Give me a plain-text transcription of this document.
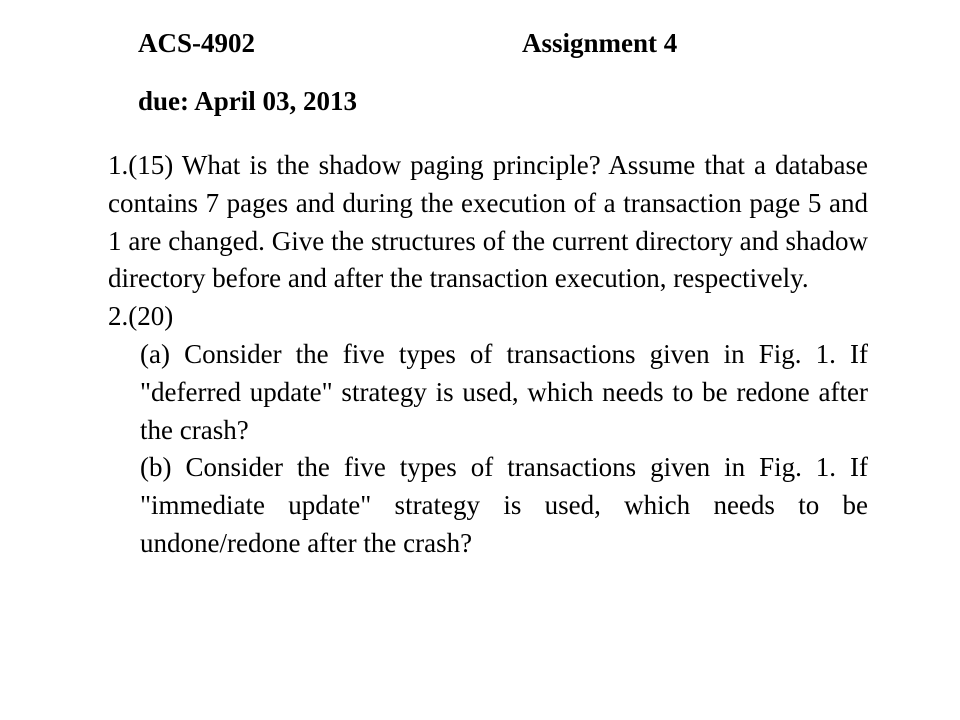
ACS-4902	Assignment 4
due: April 03, 2013

1.(15) What is the shadow paging principle? Assume that a database contains 7 pages and during the execution of a transaction page 5 and 1 are changed. Give the structures of the current directory and shadow directory before and after the transaction execution, respectively.

2.(20)

(a) Consider the five types of transactions given in Fig. 1. If "deferred update" strategy is used, which needs to be redone after the crash?

(b) Consider the five types of transactions given in Fig. 1. If "immediate update" strategy is used, which needs to be undone/redone after the crash?
